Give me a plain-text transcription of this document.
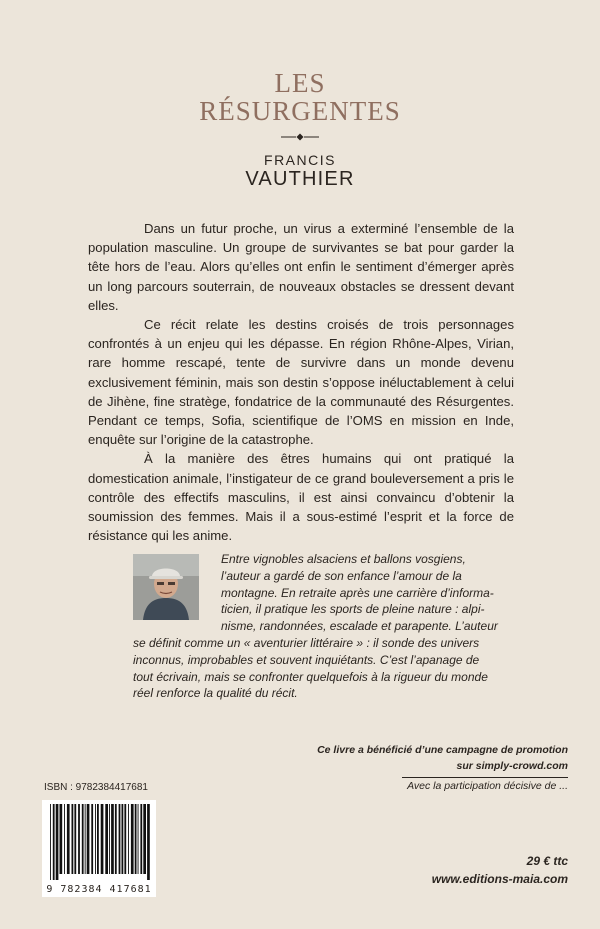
LES
RÉSURGENTES
FRANCIS
VAUTHIER

Dans un futur proche, un virus a exterminé l’ensemble de la population masculine. Un groupe de survivantes se bat pour garder la tête hors de l’eau. Alors qu’elles ont enfin le sentiment d’émerger après un long parcours souterrain, de nouveaux obstacles se dressent devant elles.

Ce récit relate les destins croisés de trois personnages confrontés à un enjeu qui les dépasse. En région Rhône-Alpes, Virian, rare homme rescapé, tente de survivre dans un monde devenu exclusivement féminin, mais son destin s’oppose inéluctablement à celui de Jihène, fine stratège, fondatrice de la communauté des Résurgentes. Pendant ce temps, Sofia, scientifique de l’OMS en mission en Inde, enquête sur l’origine de la catastrophe.

À la manière des êtres humains qui ont pratiqué la domestication animale, l’instigateur de ce grand bouleversement a pris le contrôle des effectifs masculins, il est ainsi convaincu d’obtenir la soumission des femmes. Mais il a sous-estimé l’esprit et la force de résistance qui les anime.

Entre vignobles alsaciens et ballons vosgiens,
l’auteur a gardé de son enfance l’amour de la
montagne. En retraite après une carrière d’informa-
ticien, il pratique les sports de pleine nature : alpi-
nisme, randonnées, escalade et parapente. L’auteur
se définit comme un « aventurier littéraire » : il sonde des univers
inconnus, improbables et souvent inquiétants. C’est l’apanage de
tout écrivain, mais se confronter quelquefois à la rigueur du monde
réel renforce la qualité du récit.
Ce livre a bénéficié d’une campagne de promotion
sur simply-crowd.com
Avec la participation décisive de ...
ISBN : 9782384417681
9 782384 417681
29 € ttc
www.editions-maia.com
